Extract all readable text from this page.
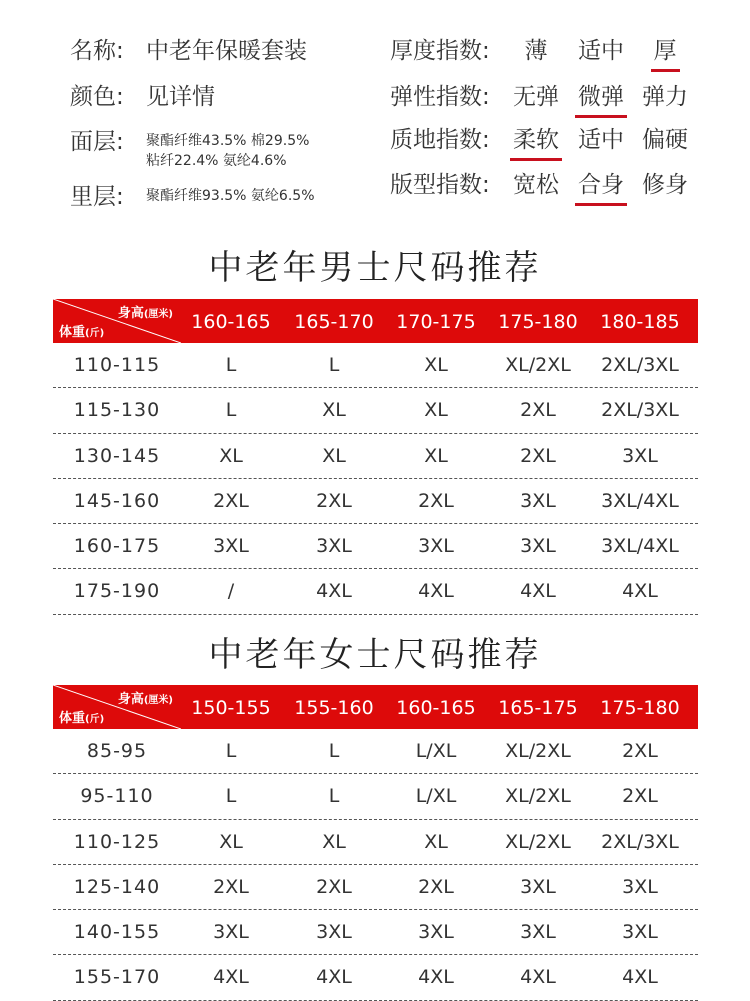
名称: 中老年保暖套装
颜色: 见详情
面层: 聚酯纤维43.5% 棉29.5%
粘纤22.4% 氨纶4.6%
里层: 聚酯纤维93.5% 氨纶6.5%
厚度指数:	薄	适中	厚
弹性指数:	无弹 微弹 弹力
质地指数:	柔软 适中 偏硬
版型指数:	宽松 合身 修身
中老年男士尺码推荐
身高(厘米)
体重(斤)
160-165	165-170	170-175	175-180	180-185
110-115	L	L	XL	XL/2XL	2XL/3XL
115-130	L	XL	XL	2XL	2XL/3XL
130-145	XL	XL	XL	2XL	3XL
145-160	2XL	2XL	2XL	3XL	3XL/4XL
160-175	3XL	3XL	3XL	3XL	3XL/4XL
175-190	/	4XL	4XL	4XL	4XL
中老年女士尺码推荐
身高(厘米)
体重(斤)
150-155	155-160	160-165	165-175	175-180
85-95	L	L	L/XL	XL/2XL	2XL
95-110	L	L	L/XL	XL/2XL	2XL
110-125	XL	XL	XL	XL/2XL	2XL/3XL
125-140	2XL	2XL	2XL	3XL	3XL
140-155	3XL	3XL	3XL	3XL	3XL
155-170	4XL	4XL	4XL	4XL	4XL
